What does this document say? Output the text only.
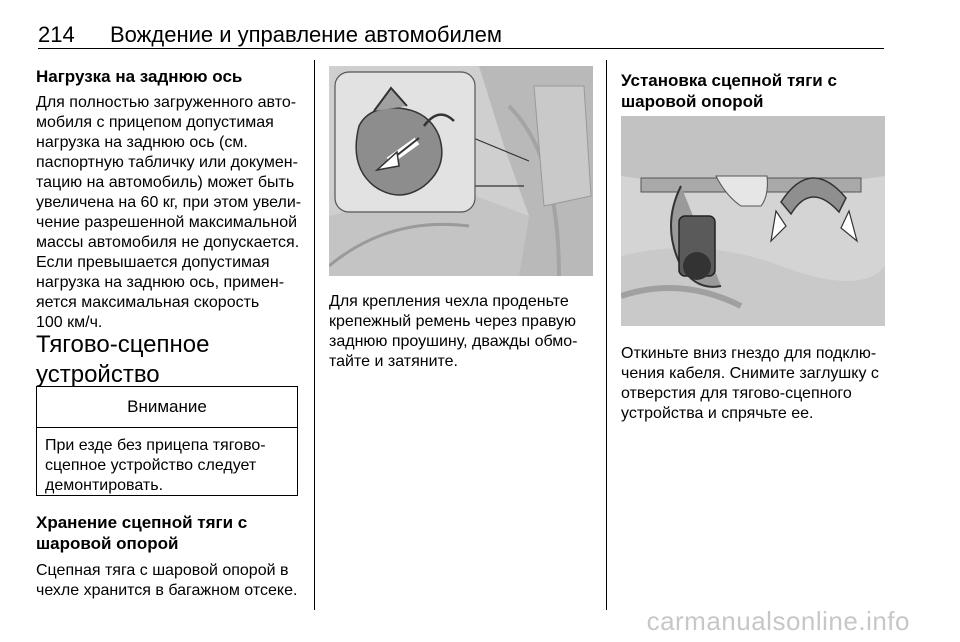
214 Вождение и управление автомобилем

Нагрузка на заднюю ось

Для полностью загруженного авто-

мобиля с прицепом допустимая

нагрузка на заднюю ось (см.

паспортную табличку или докумен-

тацию на автомобиль) может быть

увеличена на 60 кг, при этом увели-

чение разрешенной максимальной

массы автомобиля не допускается.

Если превышается допустимая

нагрузка на заднюю ось, примен-

яется максимальная скорость

100 км/ч.

Тягово-сцепное

устройство

Внимание
При езде без прицепа тягово-
сцепное устройство следует
демонтировать.

Хранение сцепной тяги с

шаровой опорой

Сцепная тяга с шаровой опорой в

чехле хранится в багажном отсеке.

Для крепления чехла проденьте

крепежный ремень через правую

заднюю проушину, дважды обмо-

тайте и затяните.

Установка сцепной тяги с

шаровой опорой

Откиньте вниз гнездо для подклю-

чения кабеля. Снимите заглушку с

отверстия для тягово-сцепного

устройства и спрячьте ее.

carmanualsonline.info
